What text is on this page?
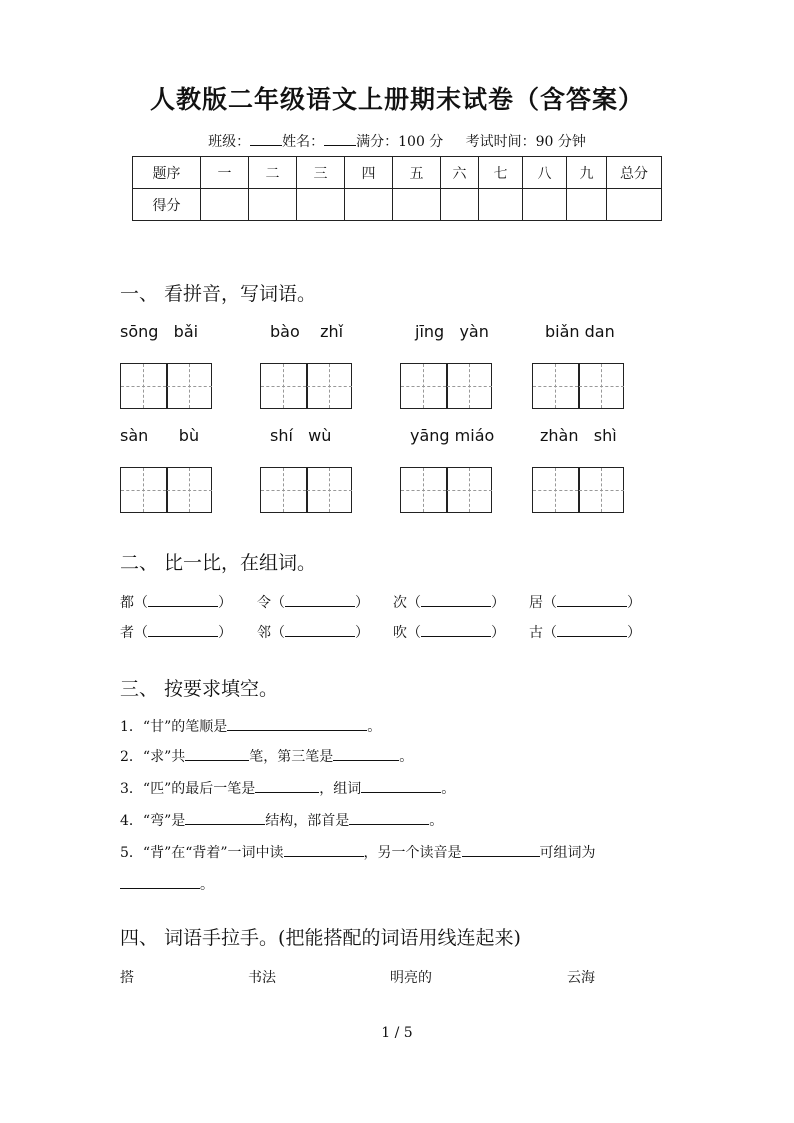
人教版二年级语文上册期末试卷（含答案）
班级： 姓名： 满分：100 分 考试时间：90 分钟
题序	一	二	三	四	五	六	七	八	九	总分
得分										
一、 看拼音，写词语。
sōng   bǎi	bào    zhǐ	jīng   yàn	biǎn dan
sàn      bù	shí   wù	yāng miáo	zhàn   shì
二、 比一比，在组词。
都（	） 令（	） 次（	） 居（	）
者（	） 邻（	） 吹（	） 古（	）
三、 按要求填空。
1．“甘”的笔顺是	。
2．“求”共	笔，第三笔是	。
3．“匹”的最后一笔是	，组词	。
4．“弯”是	结构，部首是	。
5．“背”在“背着”一词中读	，另一个读音是	可组词为
。
四、 词语手拉手。(把能搭配的词语用线连起来)
搭	书法	明亮的	云海
1 / 5
